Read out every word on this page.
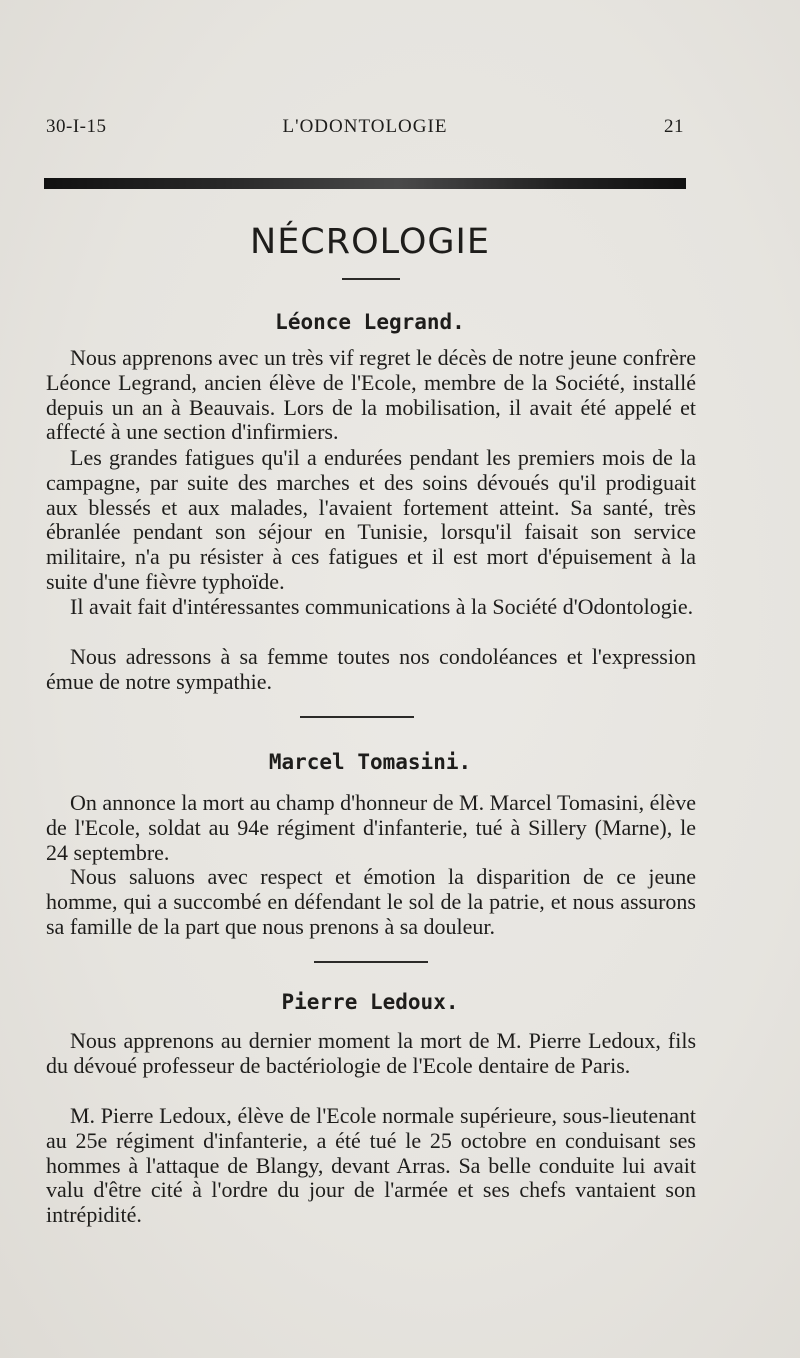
30-I-15	L'ODONTOLOGIE	21
NÉCROLOGIE
Léonce Legrand.

Nous apprenons avec un très vif regret le décès de notre jeune confrère Léonce Legrand, ancien élève de l'Ecole, membre de la Société, installé depuis un an à Beauvais. Lors de la mobilisation, il avait été appelé et affecté à une section d'infirmiers.

Les grandes fatigues qu'il a endurées pendant les premiers mois de la campagne, par suite des marches et des soins dévoués qu'il prodiguait aux blessés et aux malades, l'avaient fortement atteint. Sa santé, très ébranlée pendant son séjour en Tunisie, lorsqu'il faisait son service militaire, n'a pu résister à ces fatigues et il est mort d'épuisement à la suite d'une fièvre typhoïde.

Il avait fait d'intéressantes communications à la Société d'Odontologie.

Nous adressons à sa femme toutes nos condoléances et l'expression émue de notre sympathie.

Marcel Tomasini.

On annonce la mort au champ d'honneur de M. Marcel Tomasini, élève de l'Ecole, soldat au 94e régiment d'infanterie, tué à Sillery (Marne), le 24 septembre.

Nous saluons avec respect et émotion la disparition de ce jeune homme, qui a succombé en défendant le sol de la patrie, et nous assurons sa famille de la part que nous prenons à sa douleur.

Pierre Ledoux.

Nous apprenons au dernier moment la mort de M. Pierre Ledoux, fils du dévoué professeur de bactériologie de l'Ecole dentaire de Paris.

M. Pierre Ledoux, élève de l'Ecole normale supérieure, sous-lieutenant au 25e régiment d'infanterie, a été tué le 25 octobre en conduisant ses hommes à l'attaque de Blangy, devant Arras. Sa belle conduite lui avait valu d'être cité à l'ordre du jour de l'armée et ses chefs vantaient son intrépidité.
